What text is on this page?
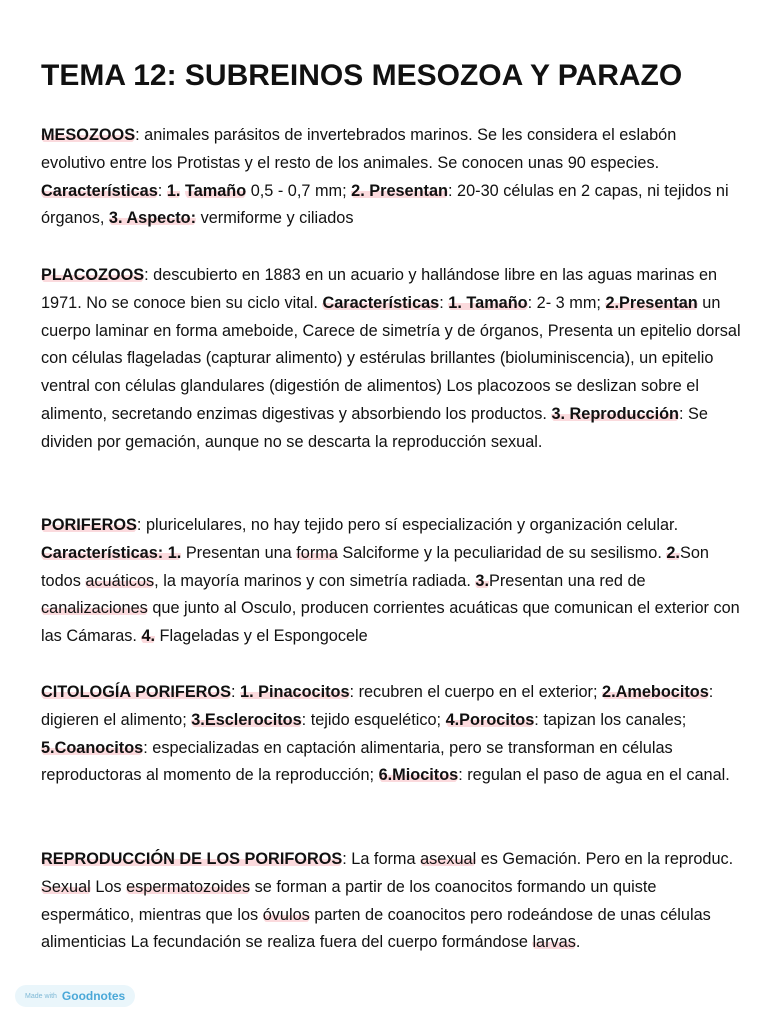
TEMA 12: SUBREINOS MESOZOA Y PARAZO
MESOZOOS: animales parásitos de invertebrados marinos. Se les considera el eslabón evolutivo entre los Protistas y el resto de los animales. Se conocen unas 90 especies. Características: 1. Tamaño 0,5 - 0,7 mm; 2. Presentan: 20-30 células en 2 capas, ni tejidos ni órganos, 3. Aspecto: vermiforme y ciliados
PLACOZOOS: descubierto en 1883 en un acuario y hallándose libre en las aguas marinas en 1971. No se conoce bien su ciclo vital. Características: 1. Tamaño: 2- 3 mm; 2.Presentan un cuerpo laminar en forma ameboide, Carece de simetría y de órganos, Presenta un epitelio dorsal con células flageladas (capturar alimento) y estérulas brillantes (bioluminiscencia), un epitelio ventral con células glandulares (digestión de alimentos) Los placozoos se deslizan sobre el alimento, secretando enzimas digestivas y absorbiendo los productos. 3. Reproducción: Se dividen por gemación, aunque no se descarta la reproducción sexual.
PORIFEROS: pluricelulares, no hay tejido pero sí especialización y organización celular. Características: 1. Presentan una forma Salciforme y la peculiaridad de su sesilismo. 2.Son todos acuáticos, la mayoría marinos y con simetría radiada. 3.Presentan una red de canalizaciones que junto al Osculo, producen corrientes acuáticas que comunican el exterior con las Cámaras. 4. Flageladas y el Espongocele
CITOLOGÍA PORIFEROS: 1. Pinacocitos: recubren el cuerpo en el exterior; 2.Amebocitos: digieren el alimento; 3.Esclerocitos: tejido esquelético; 4.Porocitos: tapizan los canales; 5.Coanocitos: especializadas en captación alimentaria, pero se transforman en células reproductoras al momento de la reproducción; 6.Miocitos: regulan el paso de agua en el canal.
REPRODUCCIÓN DE LOS PORIFOROS: La forma asexual es Gemación. Pero en la reproduc. Sexual Los espermatozoides se forman a partir de los coanocitos formando un quiste espermático, mientras que los óvulos parten de coanocitos pero rodeándose de unas células alimenticias La fecundación se realiza fuera del cuerpo formándose larvas.
Made with Goodnotes
